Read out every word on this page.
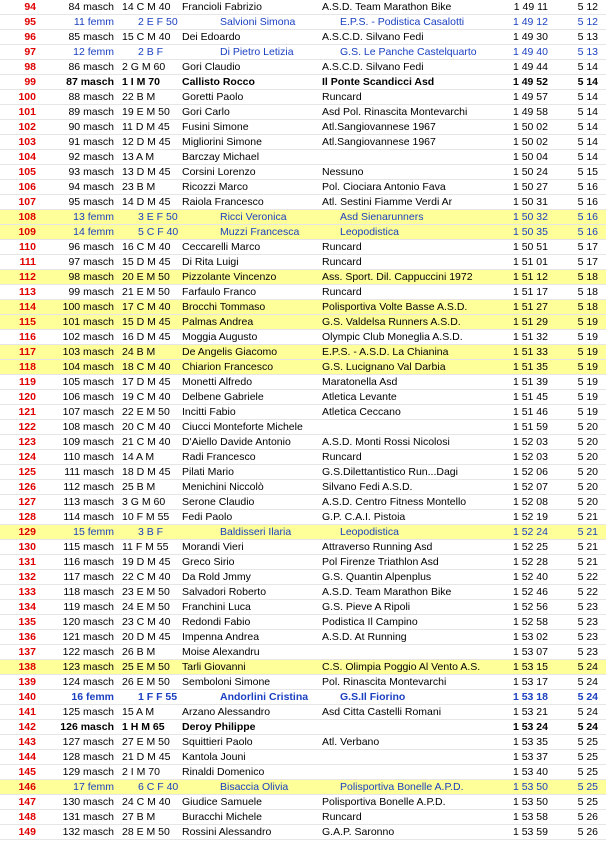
94	84 masch 14 C M 40	Francioli Fabrizio	A.S.D. Team Marathon Bike	1 49 11	5 12
95	11 femm 2 E F 50	Salvioni Simona	E.P.S. - Podistica Casalotti	1 49 12	5 12
96	85 masch 15 C M 40	Dei Edoardo	A.S.C.D. Silvano Fedi	1 49 30	5 13
97	12 femm 2 B F	Di Pietro Letizia	G.S. Le Panche Castelquarto	1 49 40	5 13
98	86 masch 2 G M 60	Gori Claudio	A.S.C.D. Silvano Fedi	1 49 44	5 14
99	87 masch 1 I M 70	Callisto Rocco	Il Ponte Scandicci Asd	1 49 52	5 14
100	88 masch 22 B M	Goretti Paolo	Runcard	1 49 57	5 14
101	89 masch 19 E M 50	Gori Carlo	Asd Pol. Rinascita Montevarchi	1 49 58	5 14
102	90 masch 11 D M 45	Fusini Simone	Atl.Sangiovannese 1967	1 50 02	5 14
103	91 masch 12 D M 45	Migliorini Simone	Atl.Sangiovannese 1967	1 50 02	5 14
104	92 masch 13 A M	Barczay Michael	1 50 04	5 14
105	93 masch 13 D M 45	Corsini Lorenzo	Nessuno	1 50 24	5 15
106	94 masch 23 B M	Ricozzi Marco	Pol. Ciociara Antonio Fava	1 50 27	5 16
107	95 masch 14 D M 45	Raiola Francesco	Atl. Sestini Fiamme Verdi Ar	1 50 31	5 16
108	13 femm 3 E F 50	Ricci Veronica	Asd Sienarunners	1 50 32	5 16
109	14 femm 5 C F 40	Muzzi Francesca	Leopodistica	1 50 35	5 16
110	96 masch 16 C M 40	Ceccarelli Marco	Runcard	1 50 51	5 17
111	97 masch 15 D M 45	Di Rita Luigi	Runcard	1 51 01	5 17
112	98 masch 20 E M 50	Pizzolante Vincenzo	Ass. Sport. Dil. Cappuccini 1972	1 51 12	5 18
113	99 masch 21 E M 50	Farfaulo Franco	Runcard	1 51 17	5 18
114	100 masch 17 C M 40	Brocchi Tommaso	Polisportiva Volte Basse A.S.D.	1 51 27	5 18
115	101 masch 15 D M 45	Palmas Andrea	G.S. Valdelsa Runners A.S.D.	1 51 29	5 19
116	102 masch 16 D M 45	Moggia Augusto	Olympic Club Moneglia A.S.D.	1 51 32	5 19
117	103 masch 24 B M	De Angelis Giacomo	E.P.S. - A.S.D. La Chianina	1 51 33	5 19
118	104 masch 18 C M 40	Chiarion Francesco	G.S. Lucignano Val Darbia	1 51 35	5 19
119	105 masch 17 D M 45	Monetti Alfredo	Maratonella Asd	1 51 39	5 19
120	106 masch 19 C M 40	Delbene Gabriele	Atletica Levante	1 51 45	5 19
121	107 masch 22 E M 50	Incitti Fabio	Atletica Ceccano	1 51 46	5 19
122	108 masch 20 C M 40	Ciucci Monteforte Michele	1 51 59	5 20
123	109 masch 21 C M 40	D'Aiello Davide Antonio	A.S.D. Monti Rossi Nicolosi	1 52 03	5 20
124	110 masch 14 A M	Radi Francesco	Runcard	1 52 03	5 20
125	111 masch 18 D M 45	Pilati Mario	G.S.Dilettantistico Run...Dagi	1 52 06	5 20
126	112 masch 25 B M	Menichini Niccolò	Silvano Fedi A.S.D.	1 52 07	5 20
127	113 masch 3 G M 60	Serone Claudio	A.S.D. Centro Fitness Montello	1 52 08	5 20
128	114 masch 10 F M 55	Fedi Paolo	G.P. C.A.I. Pistoia	1 52 19	5 21
129	15 femm 3 B F	Baldisseri Ilaria	Leopodistica	1 52 24	5 21
130	115 masch 11 F M 55	Morandi Vieri	Attraverso Running Asd	1 52 25	5 21
131	116 masch 19 D M 45	Greco Sirio	Pol Firenze Triathlon Asd	1 52 28	5 21
132	117 masch 22 C M 40	Da Rold Jmmy	G.S. Quantin Alpenplus	1 52 40	5 22
133	118 masch 23 E M 50	Salvadori Roberto	A.S.D. Team Marathon Bike	1 52 46	5 22
134	119 masch 24 E M 50	Franchini Luca	G.S. Pieve A Ripoli	1 52 56	5 23
135	120 masch 23 C M 40	Redondi Fabio	Podistica Il Campino	1 52 58	5 23
136	121 masch 20 D M 45	Impenna Andrea	A.S.D. At Running	1 53 02	5 23
137	122 masch 26 B M	Moise Alexandru	1 53 07	5 23
138	123 masch 25 E M 50	Tarli Giovanni	C.S. Olimpia Poggio Al Vento A.S.	1 53 15	5 24
139	124 masch 26 E M 50	Semboloni Simone	Pol. Rinascita Montevarchi	1 53 17	5 24
140	16 femm 1 F F 55	Andorlini Cristina	G.S.Il Fiorino	1 53 18	5 24
141	125 masch 15 A M	Arzano Alessandro	Asd Citta Castelli Romani	1 53 21	5 24
142	126 masch 1 H M 65	Deroy Philippe	1 53 24	5 24
143	127 masch 27 E M 50	Squittieri Paolo	Atl. Verbano	1 53 35	5 25
144	128 masch 21 D M 45	Kantola Jouni	1 53 37	5 25
145	129 masch 2 I M 70	Rinaldi Domenico	1 53 40	5 25
146	17 femm 6 C F 40	Bisaccia Olivia	Polisportiva Bonelle A.P.D.	1 53 50	5 25
147	130 masch 24 C M 40	Giudice Samuele	Polisportiva Bonelle A.P.D.	1 53 50	5 25
148	131 masch 27 B M	Buracchi Michele	Runcard	1 53 58	5 26
149	132 masch 28 E M 50	Rossini Alessandro	G.A.P. Saronno	1 53 59	5 26
